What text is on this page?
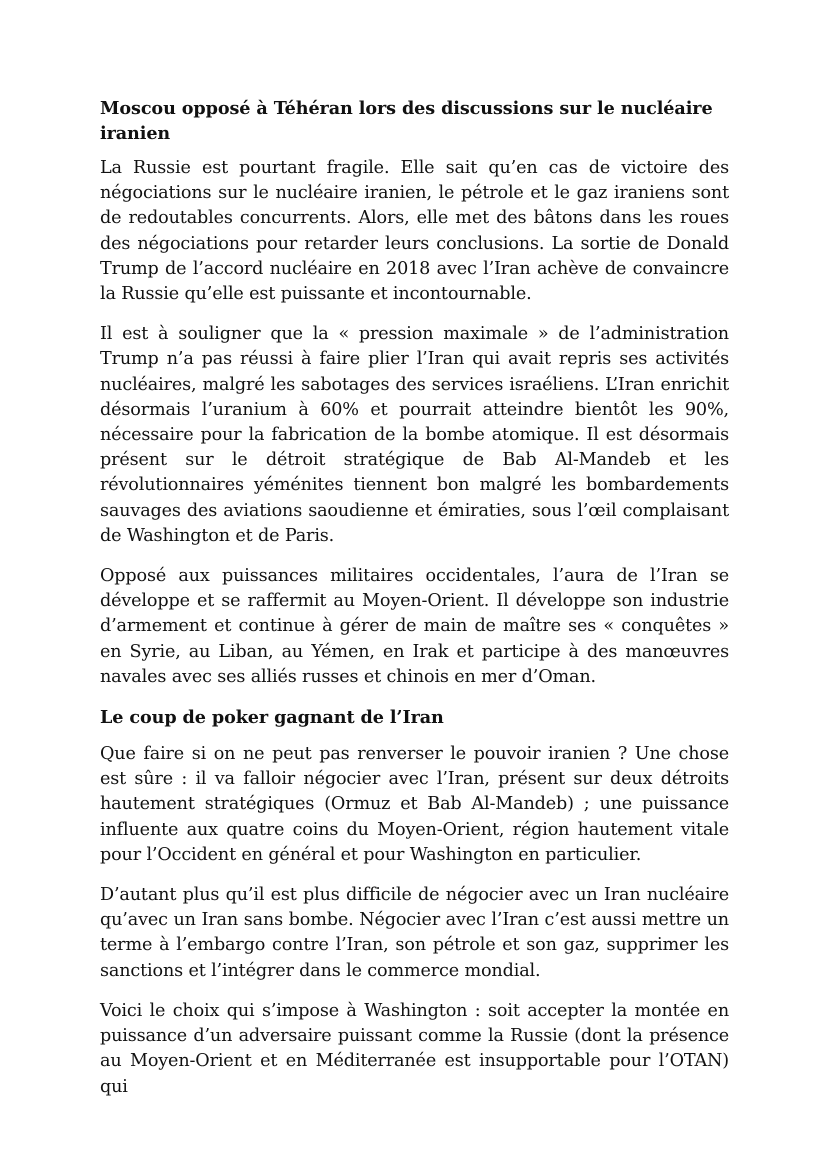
Moscou opposé à Téhéran lors des discussions sur le nucléaire iranien

La Russie est pourtant fragile. Elle sait qu’en cas de victoire des négociations sur le nucléaire iranien, le pétrole et le gaz iraniens sont de redoutables concurrents. Alors, elle met des bâtons dans les roues des négociations pour retarder leurs conclusions. La sortie de Donald Trump de l’accord nucléaire en 2018 avec l’Iran achève de convaincre la Russie qu’elle est puissante et incontournable.

Il est à souligner que la « pression maximale » de l’administration Trump n’a pas réussi à faire plier l’Iran qui avait repris ses activités nucléaires, malgré les sabotages des services israéliens. L’Iran enrichit désormais l’uranium à 60% et pourrait atteindre bientôt les 90%, nécessaire pour la fabrication de la bombe atomique. Il est désormais présent sur le détroit stratégique de Bab Al-Mandeb et les révolutionnaires yéménites tiennent bon malgré les bombardements sauvages des aviations saoudienne et émiraties, sous l’œil complaisant de Washington et de Paris.

Opposé aux puissances militaires occidentales, l’aura de l’Iran se développe et se raffermit au Moyen-Orient. Il développe son industrie d’armement et continue à gérer de main de maître ses « conquêtes » en Syrie, au Liban, au Yémen, en Irak et participe à des manœuvres navales avec ses alliés russes et chinois en mer d’Oman.

Le coup de poker gagnant de l’Iran

Que faire si on ne peut pas renverser le pouvoir iranien ? Une chose est sûre : il va falloir négocier avec l’Iran, présent sur deux détroits hautement stratégiques (Ormuz et Bab Al-Mandeb) ; une puissance influente aux quatre coins du Moyen-Orient, région hautement vitale pour l’Occident en général et pour Washington en particulier.

D’autant plus qu’il est plus difficile de négocier avec un Iran nucléaire qu’avec un Iran sans bombe. Négocier avec l’Iran c’est aussi mettre un terme à l’embargo contre l’Iran, son pétrole et son gaz, supprimer les sanctions et l’intégrer dans le commerce mondial.

Voici le choix qui s’impose à Washington : soit accepter la montée en puissance d’un adversaire puissant comme la Russie (dont la présence au Moyen-Orient et en Méditerranée est insupportable pour l’OTAN) qui
